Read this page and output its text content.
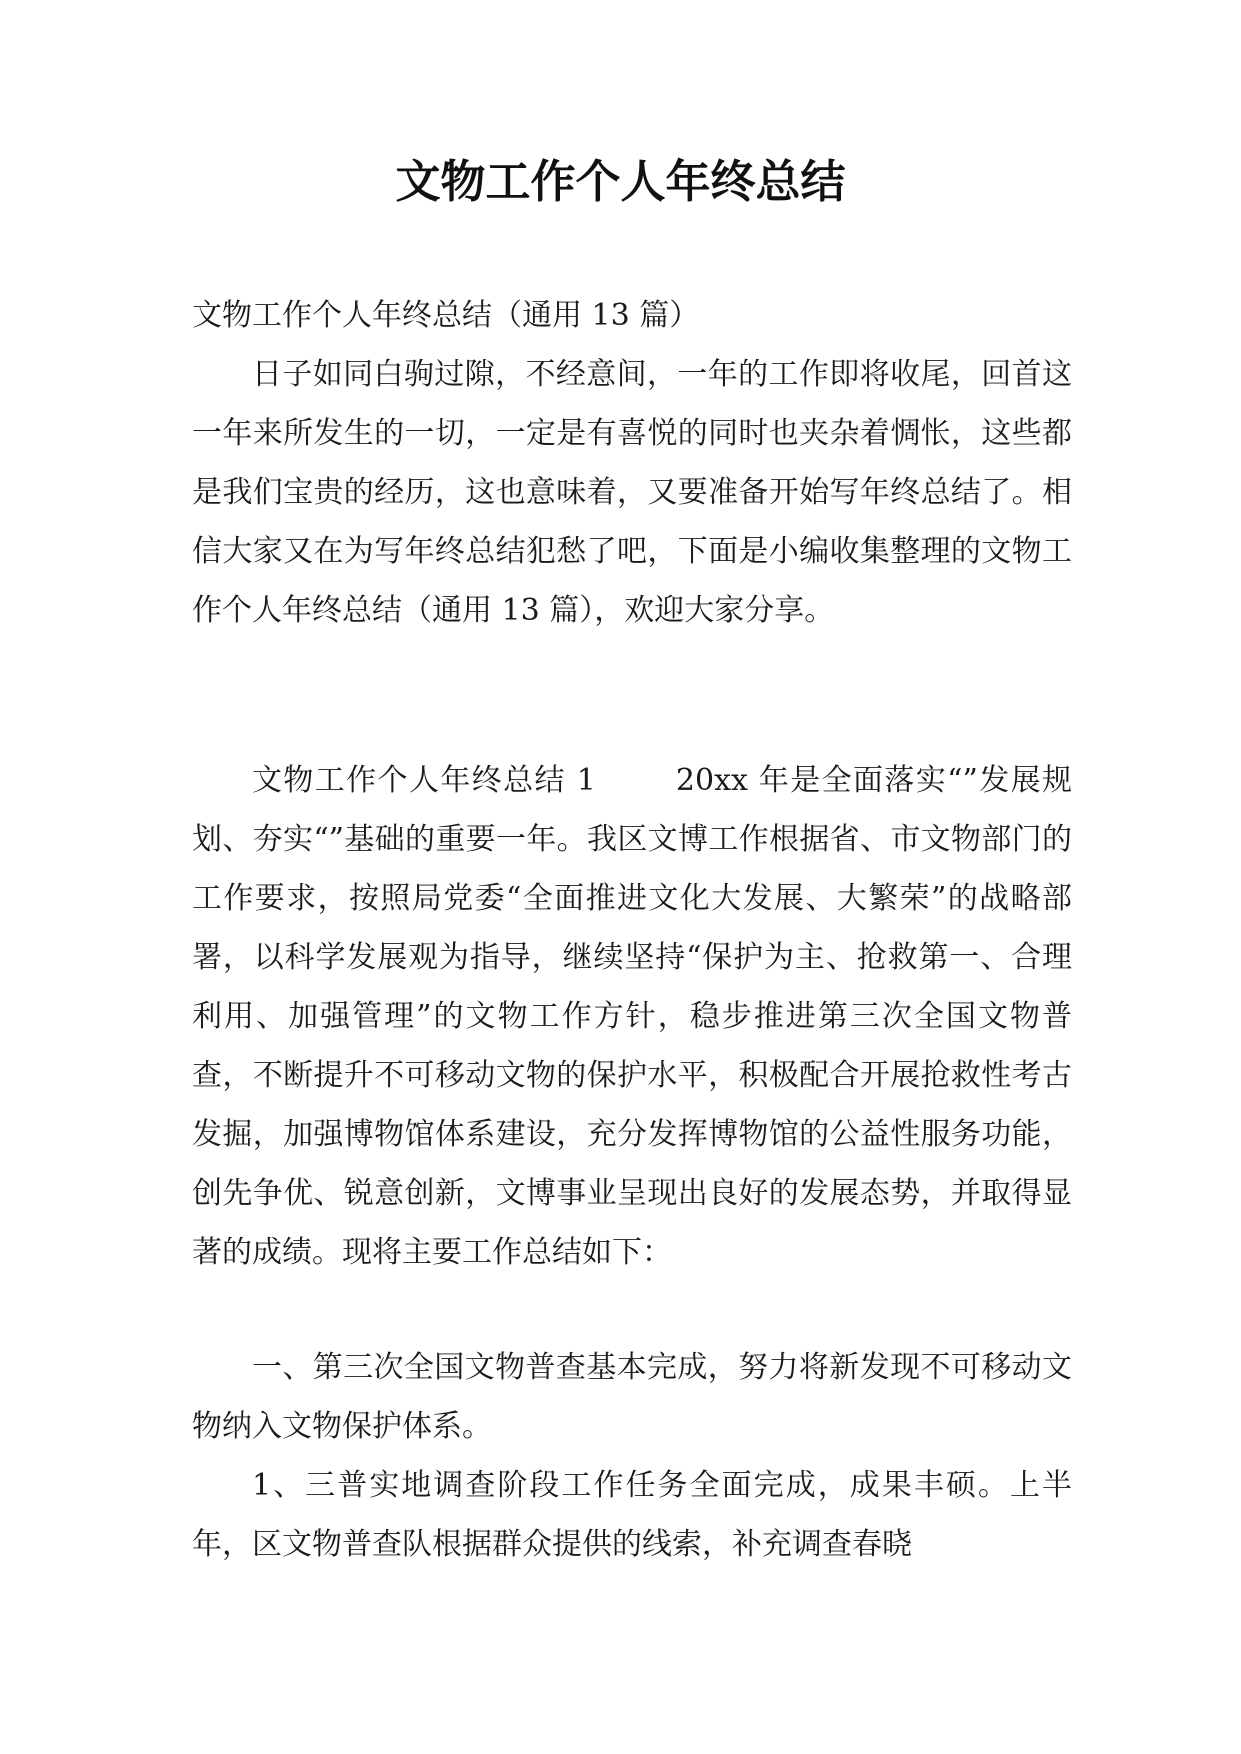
文物工作个人年终总结

文物工作个人年终总结（通用 13 篇）

日子如同白驹过隙，不经意间，一年的工作即将收尾，回首这一年来所发生的一切，一定是有喜悦的同时也夹杂着惆怅，这些都是我们宝贵的经历，这也意味着，又要准备开始写年终总结了。相信大家又在为写年终总结犯愁了吧，下面是小编收集整理的文物工作个人年终总结（通用 13 篇），欢迎大家分享。

文物工作个人年终总结 1	20xx 年是全面落实“”发展规划、夯实“”基础的重要一年。我区文博工作根据省、市文物部门的工作要求，按照局党委“全面推进文化大发展、大繁荣”的战略部署，以科学发展观为指导，继续坚持“保护为主、抢救第一、合理利用、加强管理”的文物工作方针，稳步推进第三次全国文物普查，不断提升不可移动文物的保护水平，积极配合开展抢救性考古发掘，加强博物馆体系建设，充分发挥博物馆的公益性服务功能，创先争优、锐意创新，文博事业呈现出良好的发展态势，并取得显著的成绩。现将主要工作总结如下：

一、第三次全国文物普查基本完成，努力将新发现不可移动文物纳入文物保护体系。

1、三普实地调查阶段工作任务全面完成，成果丰硕。上半年，区文物普查队根据群众提供的线索，补充调查春晓
